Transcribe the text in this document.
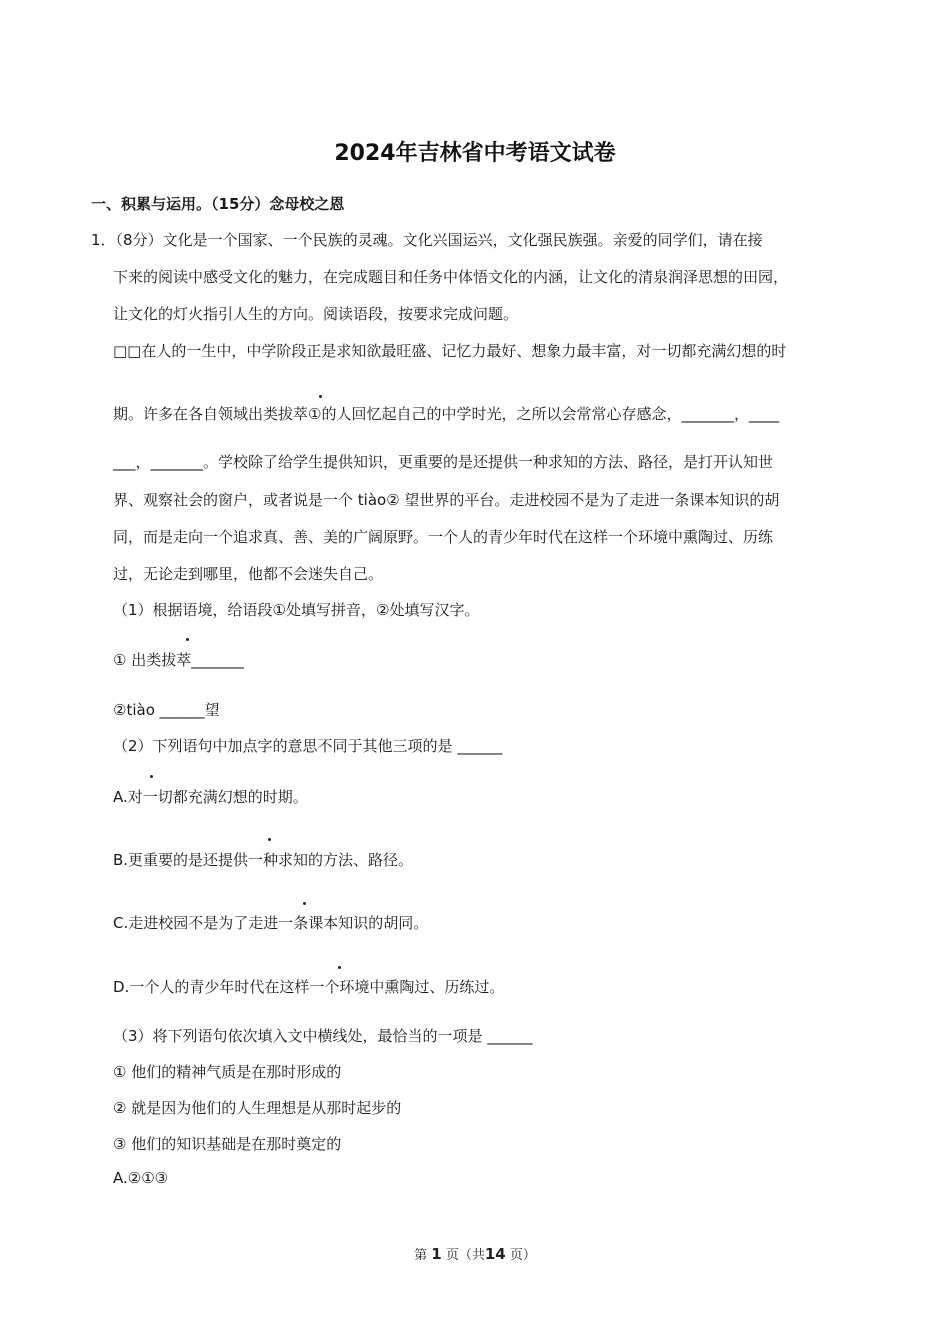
2024年吉林省中考语文试卷
一、积累与运用。（15分）念母校之恩
1．（8分）文化是一个国家、一个民族的灵魂。文化兴国运兴，文化强民族强。亲爱的同学们，请在接
下来的阅读中感受文化的魅力，在完成题目和任务中体悟文化的内涵，让文化的清泉润泽思想的田园，
让文化的灯火指引人生的方向。阅读语段，按要求完成问题。
□□在人的一生中，中学阶段正是求知欲最旺盛、记忆力最好、想象力最丰富，对一切都充满幻想的时
期。许多在各自领域出类拔萃①的人回忆起自己的中学时光，之所以会常常心存感念，_______，____
___，_______。学校除了给学生提供知识，更重要的是还提供一种求知的方法、路径，是打开认知世
界、观察社会的窗户，或者说是一个 tiào② 望世界的平台。走进校园不是为了走进一条课本知识的胡
同，而是走向一个追求真、善、美的广阔原野。一个人的青少年时代在这样一个环境中熏陶过、历练
过，无论走到哪里，他都不会迷失自己。
（1）根据语境，给语段①处填写拼音，②处填写汉字。
① 出类拔萃_______
②tiào ______望
（2）下列语句中加点字的意思不同于其他三项的是 ______
A.对一切都充满幻想的时期。
B.更重要的是还提供一种求知的方法、路径。
C.走进校园不是为了走进一条课本知识的胡同。
D.一个人的青少年时代在这样一个环境中熏陶过、历练过。
（3）将下列语句依次填入文中横线处，最恰当的一项是 ______
① 他们的精神气质是在那时形成的
② 就是因为他们的人生理想是从那时起步的
③ 他们的知识基础是在那时奠定的
A.②①③
第 1 页（共14 页）
